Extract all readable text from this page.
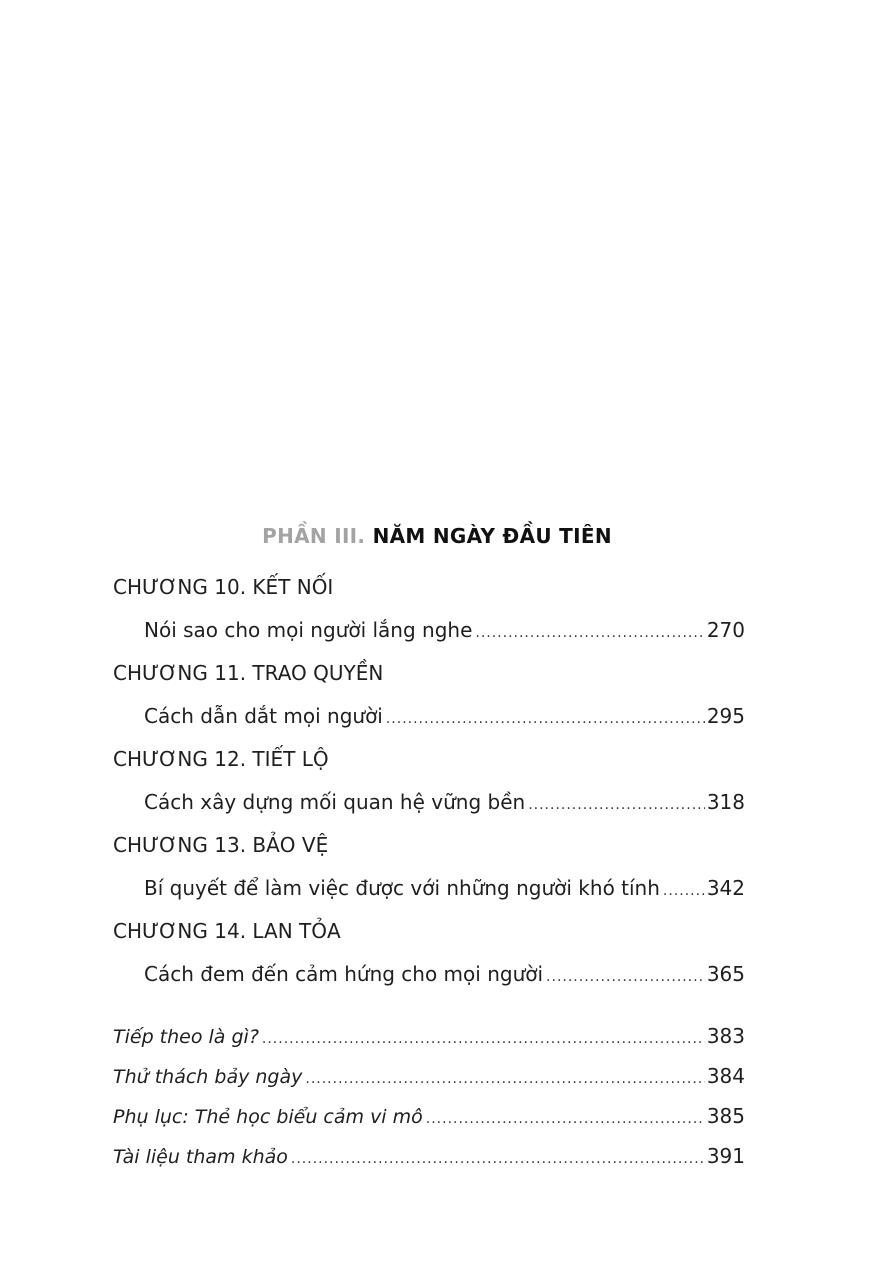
PHẦN III. NĂM NGÀY ĐẦU TIÊN
CHƯƠNG 10. KẾT NỐI
Nói sao cho mọi người lắng nghe .....	270
CHƯƠNG 11. TRAO QUYỀN
Cách dẫn dắt mọi người .....	295
CHƯƠNG 12. TIẾT LỘ
Cách xây dựng mối quan hệ vững bền .....	318
CHƯƠNG 13. BẢO VỆ
Bí quyết để làm việc được với những người khó tính ..... 342
CHƯƠNG 14. LAN TỎA
Cách đem đến cảm hứng cho mọi người .....	365
Tiếp theo là gì? .....	383
Thử thách bảy ngày .....	384
Phụ lục: Thẻ học biểu cảm vi mô .....	385
Tài liệu tham khảo .....	391
